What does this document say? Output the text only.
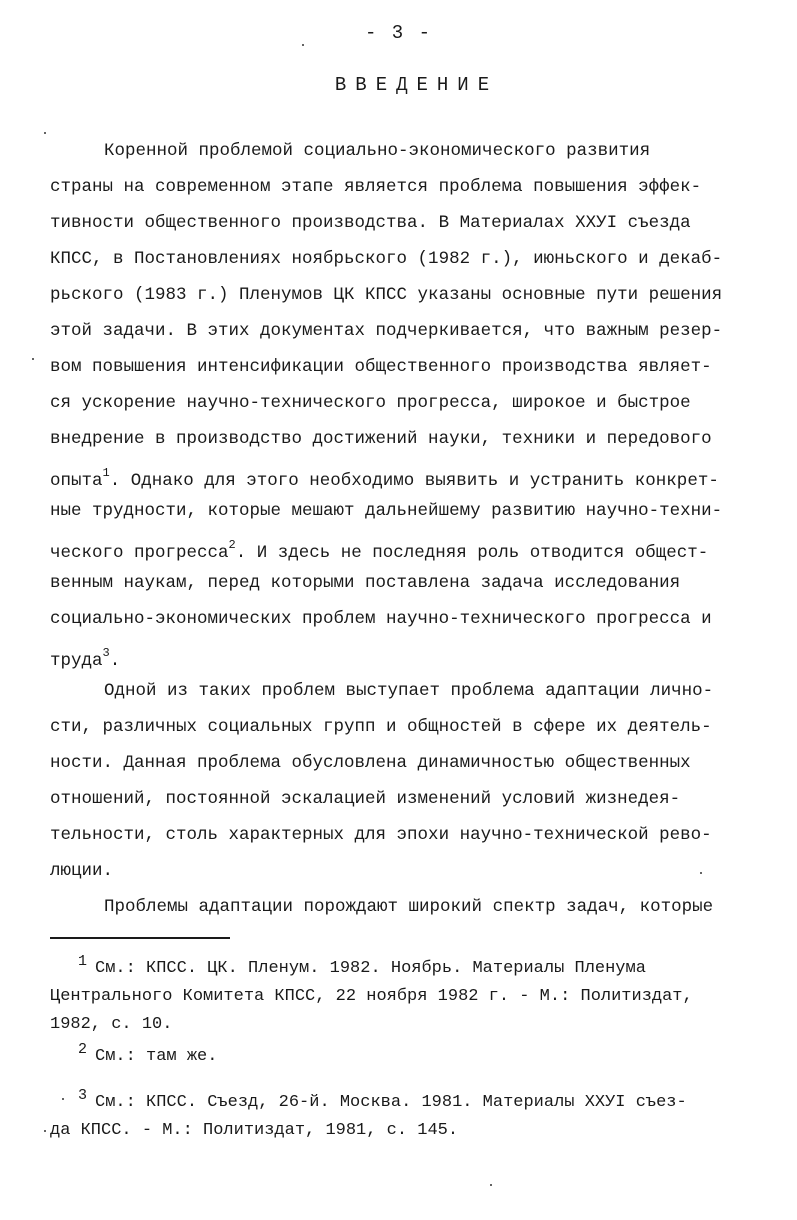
- 3 -
ВВЕДЕНИЕ
Коренной проблемой социально-экономического развития
страны на современном этапе является проблема повышения эффек-
тивности общественного производства. В Материалах XXУI съезда
КПСС, в Постановлениях ноябрьского (1982 г.), июньского и декаб-
рьского (1983 г.) Пленумов ЦК КПСС указаны основные пути решения
этой задачи. В этих документах подчеркивается, что важным резер-
вом повышения интенсификации общественного производства являет-
ся ускорение научно-технического прогресса, широкое и быстрое
внедрение в производство достижений науки, техники и передового
опыта$^1$. Однако для этого необходимо выявить и устранить конкрет-
ные трудности, которые мешают дальнейшему развитию научно-техни-
ческого прогресса$^2$. И здесь не последняя роль отводится общест-
венным наукам, перед которыми поставлена задача исследования
социально-экономических проблем научно-технического прогресса и
труда$^3$.
Одной из таких проблем выступает проблема адаптации лично-
сти, различных социальных групп и общностей в сфере их деятель-
ности. Данная проблема обусловлена динамичностью общественных
отношений, постоянной эскалацией изменений условий жизнедея-
тельности, столь характерных для эпохи научно-технической рево-
люции.
Проблемы адаптации порождают широкий спектр задач, которые
1 См.: КПСС. ЦК. Пленум. 1982. Ноябрь. Материалы Пленума
Центрального Комитета КПСС, 22 ноября 1982 г. - М.: Политиздат,
1982, с. 10.
2 См.: там же.
3 См.: КПСС. Съезд, 26-й. Москва. 1981. Материалы XXУI съез-
да КПСС. - М.: Политиздат, 1981, с. 145.
